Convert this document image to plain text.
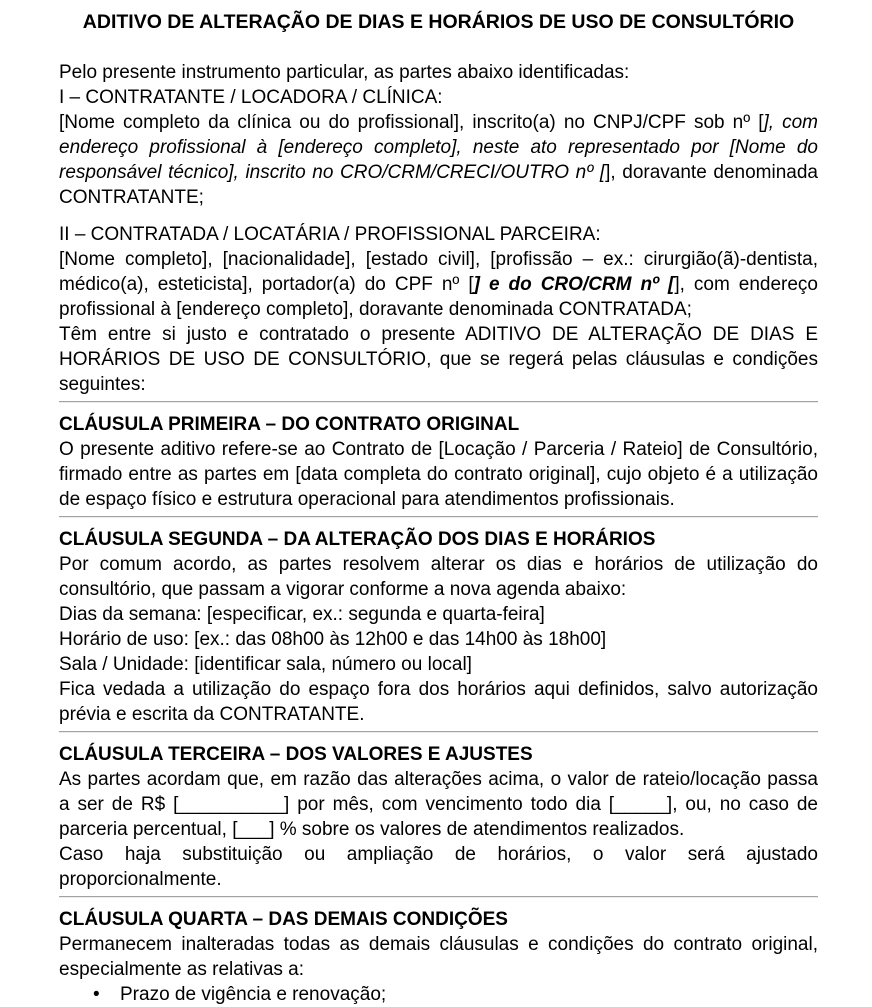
ADITIVO DE ALTERAÇÃO DE DIAS E HORÁRIOS DE USO DE CONSULTÓRIO

Pelo presente instrumento particular, as partes abaixo identificadas:

I – CONTRATANTE / LOCADORA / CLÍNICA:

[Nome completo da clínica ou do profissional], inscrito(a) no CNPJ/CPF sob nº [], com endereço profissional à [endereço completo], neste ato representado por [Nome do responsável técnico], inscrito no CRO/CRM/CRECI/OUTRO nº [], doravante denominada CONTRATANTE;

II – CONTRATADA / LOCATÁRIA / PROFISSIONAL PARCEIRA:

[Nome completo], [nacionalidade], [estado civil], [profissão – ex.: cirurgião(ã)-dentista, médico(a), esteticista], portador(a) do CPF nº [] e do CRO/CRM nº [], com endereço profissional à [endereço completo], doravante denominada CONTRATADA;

Têm entre si justo e contratado o presente ADITIVO DE ALTERAÇÃO DE DIAS E HORÁRIOS DE USO DE CONSULTÓRIO, que se regerá pelas cláusulas e condições seguintes:

CLÁUSULA PRIMEIRA – DO CONTRATO ORIGINAL

O presente aditivo refere-se ao Contrato de [Locação / Parceria / Rateio] de Consultório, firmado entre as partes em [data completa do contrato original], cujo objeto é a utilização de espaço físico e estrutura operacional para atendimentos profissionais.

CLÁUSULA SEGUNDA – DA ALTERAÇÃO DOS DIAS E HORÁRIOS

Por comum acordo, as partes resolvem alterar os dias e horários de utilização do consultório, que passam a vigorar conforme a nova agenda abaixo:

Dias da semana: [especificar, ex.: segunda e quarta-feira]

Horário de uso: [ex.: das 08h00 às 12h00 e das 14h00 às 18h00]

Sala / Unidade: [identificar sala, número ou local]

Fica vedada a utilização do espaço fora dos horários aqui definidos, salvo autorização prévia e escrita da CONTRATANTE.

CLÁUSULA TERCEIRA – DOS VALORES E AJUSTES

As partes acordam que, em razão das alterações acima, o valor de rateio/locação passa a ser de R$ [__________] por mês, com vencimento todo dia [_____], ou, no caso de parceria percentual, [___] % sobre os valores de atendimentos realizados.

Caso haja substituição ou ampliação de horários, o valor será ajustado proporcionalmente.

CLÁUSULA QUARTA – DAS DEMAIS CONDIÇÕES

Permanecem inalteradas todas as demais cláusulas e condições do contrato original, especialmente as relativas a:

• Prazo de vigência e renovação;
